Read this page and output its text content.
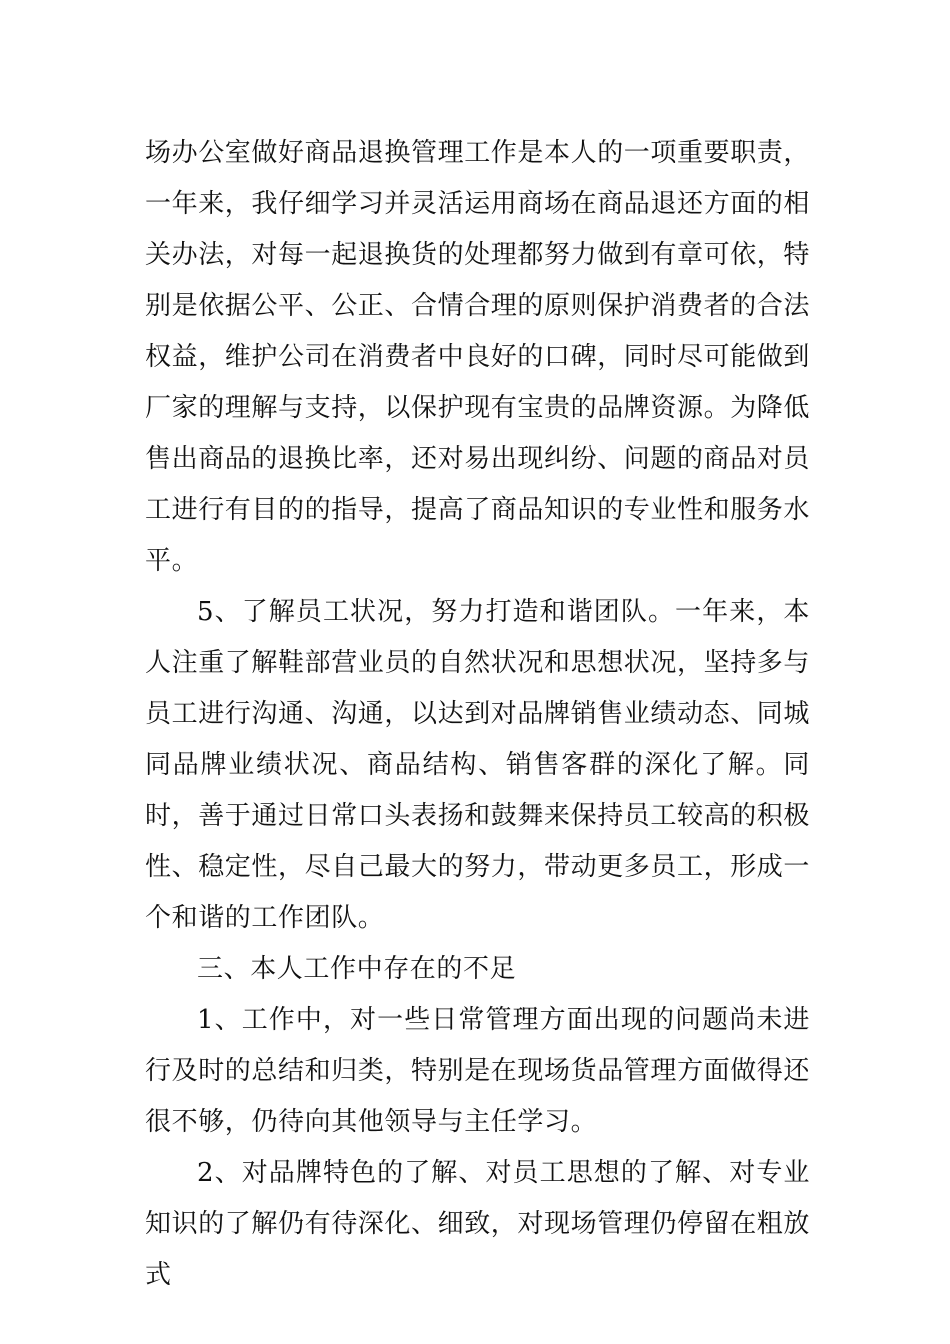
场办公室做好商品退换管理工作是本人的一项重要职责，一年来，我仔细学习并灵活运用商场在商品退还方面的相关办法，对每一起退换货的处理都努力做到有章可依，特别是依据公平、公正、合情合理的原则保护消费者的合法权益，维护公司在消费者中良好的口碑，同时尽可能做到厂家的理解与支持，以保护现有宝贵的品牌资源。为降低售出商品的退换比率，还对易出现纠纷、问题的商品对员工进行有目的的指导，提高了商品知识的专业性和服务水平。

5、了解员工状况，努力打造和谐团队。一年来，本人注重了解鞋部营业员的自然状况和思想状况，坚持多与员工进行沟通、沟通，以达到对品牌销售业绩动态、同城同品牌业绩状况、商品结构、销售客群的深化了解。同时，善于通过日常口头表扬和鼓舞来保持员工较高的积极性、稳定性，尽自己最大的努力，带动更多员工，形成一个和谐的工作团队。

三、本人工作中存在的不足

1、工作中，对一些日常管理方面出现的问题尚未进行及时的总结和归类，特别是在现场货品管理方面做得还很不够，仍待向其他领导与主任学习。

2、对品牌特色的了解、对员工思想的了解、对专业知识的了解仍有待深化、细致，对现场管理仍停留在粗放式
